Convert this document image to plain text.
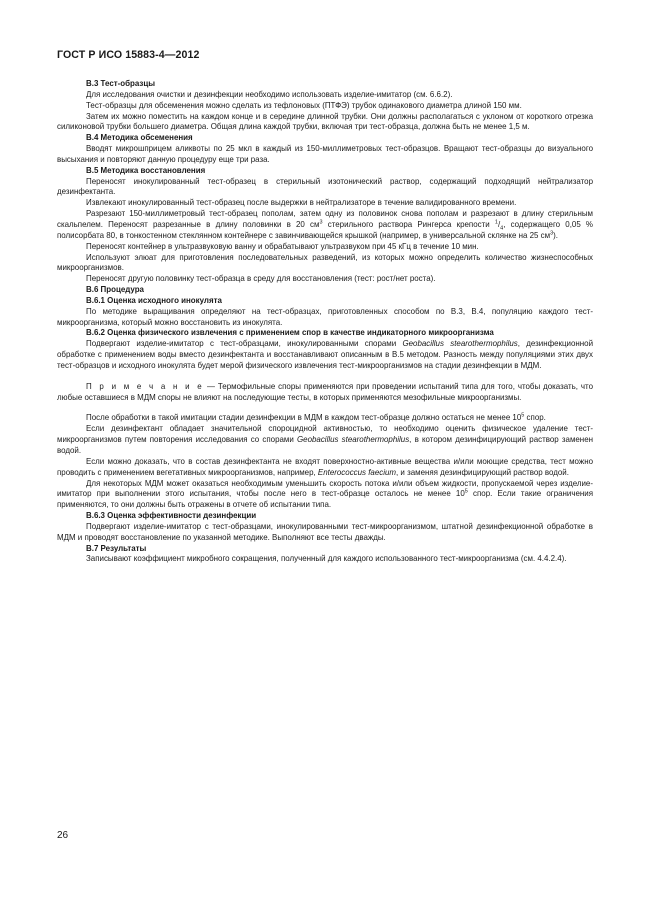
ГОСТ Р ИСО 15883-4—2012

В.3 Тест-образцы

Для исследования очистки и дезинфекции необходимо использовать изделие-имитатор (см. 6.6.2).

Тест-образцы для обсеменения можно сделать из тефлоновых (ПТФЭ) трубок одинакового диаметра длиной 150 мм.

Затем их можно поместить на каждом конце и в середине длинной трубки. Они должны располагаться с уклоном от короткого отрезка силиконовой трубки большего диаметра. Общая длина каждой трубки, включая три тест-образца, должна быть не менее 1,5 м.

В.4 Методика обсеменения

Вводят микрошприцем аликвоты по 25 мкл в каждый из 150-миллиметровых тест-образцов. Вращают тест-образцы до визуального высыхания и повторяют данную процедуру еще три раза.

В.5 Методика восстановления

Переносят инокулированный тест-образец в стерильный изотонический раствор, содержащий подходящий нейтрализатор дезинфектанта.

Извлекают инокулированный тест-образец после выдержки в нейтрализаторе в течение валидированного времени.

Разрезают 150-миллиметровый тест-образец пополам, затем одну из половинок снова пополам и разрезают в длину стерильным скальпелем. Переносят разрезанные в длину половинки в 20 $см^3$ стерильного раствора Рингерса крепости $^1/_4$, содержащего 0,05 % полисорбата 80, в тонкостенном стеклянном контейнере с завинчивающейся крышкой (например, в универсальной склянке на 25 $см^3$).

Переносят контейнер в ультразвуковую ванну и обрабатывают ультразвуком при 45 кГц в течение 10 мин.

Используют элюат для приготовления последовательных разведений, из которых можно определить количество жизнеспособных микроорганизмов.

Переносят другую половинку тест-образца в среду для восстановления (тест: рост/нет роста).

В.6 Процедура

В.6.1 Оценка исходного инокулята

По методике выращивания определяют на тест-образцах, приготовленных способом по В.3, В.4, популяцию каждого тест-микроорганизма, который можно восстановить из инокулята.

В.6.2 Оценка физического извлечения с применением спор в качестве индикаторного микроорганизма

Подвергают изделие-имитатор с тест-образцами, инокулированными спорами Geobacillus stearothermophilus, дезинфекционной обработке с применением воды вместо дезинфектанта и восстанавливают описанным в В.5 методом. Разность между популяциями этих двух тест-образцов и исходного инокулята будет мерой физического извлечения тест-микроорганизмов на стадии дезинфекции в МДМ.

П р и м е ч а н и е — Термофильные споры применяются при проведении испытаний типа для того, чтобы доказать, что любые оставшиеся в МДМ споры не влияют на последующие тесты, в которых применяются мезофильные микроорганизмы.

После обработки в такой имитации стадии дезинфекции в МДМ в каждом тест-образце должно остаться не менее $10^5$ спор.

Если дезинфектант обладает значительной спороцидной активностью, то необходимо оценить физическое удаление тест-микроорганизмов путем повторения исследования со спорами Geobacillus stearothermophilus, в котором дезинфицирующий раствор заменен водой.

Если можно доказать, что в состав дезинфектанта не входят поверхностно-активные вещества и/или моющие средства, тест можно проводить с применением вегетативных микроорганизмов, например, Enterococcus faecium, и заменяя дезинфицирующий раствор водой.

Для некоторых МДМ может оказаться необходимым уменьшить скорость потока и/или объем жидкости, пропускаемой через изделие-имитатор при выполнении этого испытания, чтобы после него в тест-образце осталось не менее $10^5$ спор. Если такие ограничения применяются, то они должны быть отражены в отчете об испытании типа.

В.6.3 Оценка эффективности дезинфекции

Подвергают изделие-имитатор с тест-образцами, инокулированными тест-микроорганизмом, штатной дезинфекционной обработке в МДМ и проводят восстановление по указанной методике. Выполняют все тесты дважды.

В.7 Результаты

Записывают коэффициент микробного сокращения, полученный для каждого использованного тест-микроорганизма (см. 4.4.2.4).

26
